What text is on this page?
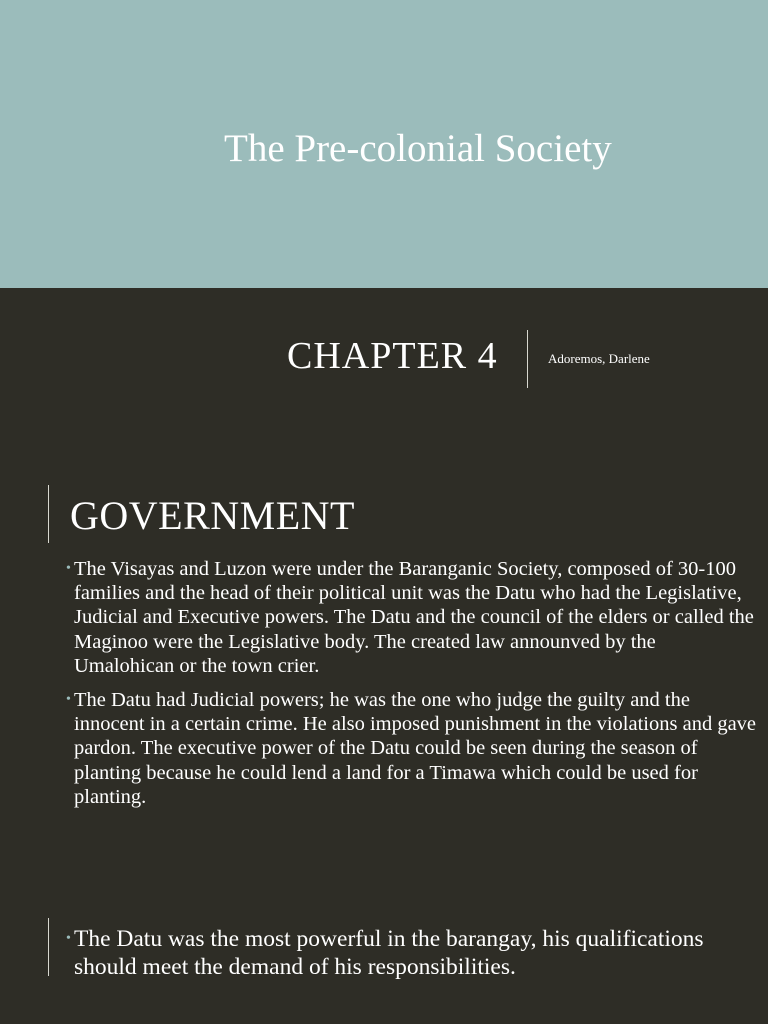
The Pre-colonial Society
CHAPTER 4	Adoremos, Darlene
GOVERNMENT
• The Visayas and Luzon were under the Baranganic Society, composed of 30-100 families and the head of their political unit was the Datu who had the Legislative, Judicial and Executive powers. The Datu and the council of the elders or called the Maginoo were the Legislative body. The created law announved by the Umalohican or the town crier.
• The Datu had Judicial powers; he was the one who judge the guilty and the innocent in a certain crime. He also imposed punishment in the violations and gave pardon. The executive power of the Datu could be seen during the season of planting because he could lend a land for a Timawa which could be used for planting.
• The Datu was the most powerful in the barangay, his qualifications should meet the demand of his responsibilities.
